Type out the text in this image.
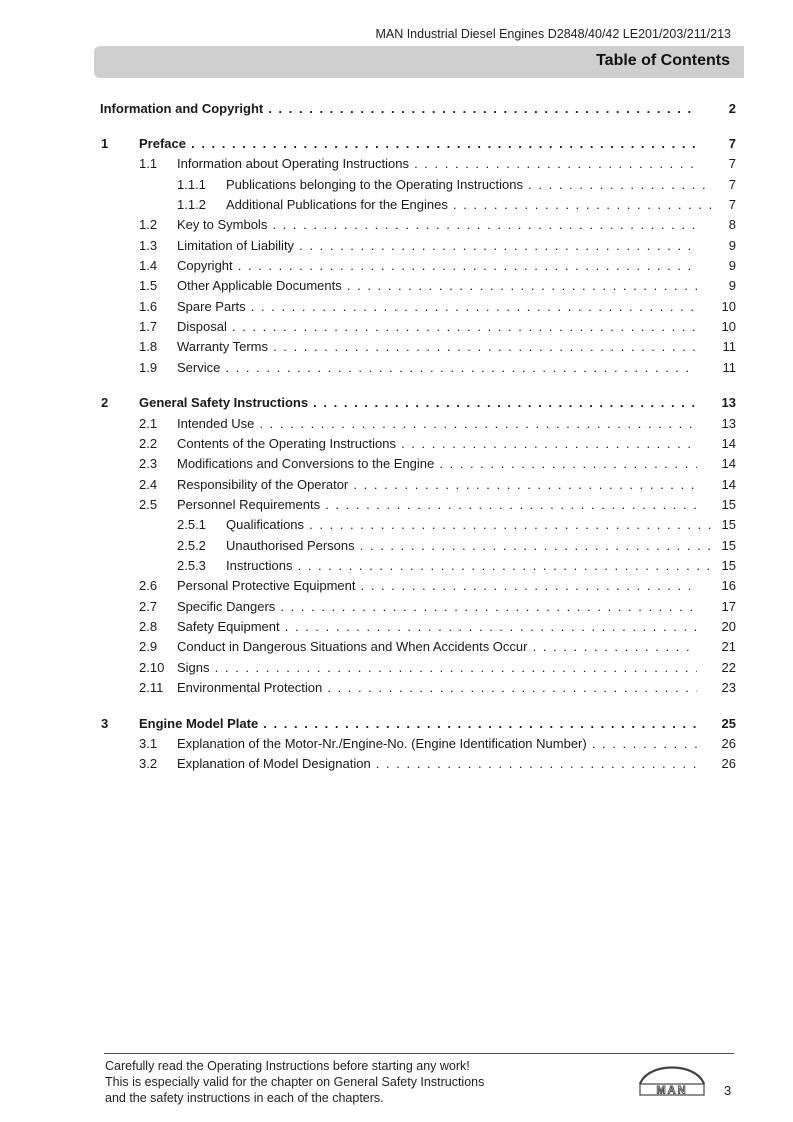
MAN Industrial Diesel Engines D2848/40/42 LE201/203/211/213
Table of Contents
Information and Copyright . . .	2
1 Preface . . .	7
1.1 Information about Operating Instructions . . .	7
1.1.1 Publications belonging to the Operating Instructions . . .	7
1.1.2 Additional Publications for the Engines . . .	7
1.2 Key to Symbols . . .	8
1.3 Limitation of Liability . . .	9
1.4 Copyright . . .	9
1.5 Other Applicable Documents . . .	9
1.6 Spare Parts . . .	10
1.7 Disposal . . .	10
1.8 Warranty Terms . . .	11
1.9 Service . . .	11
2 General Safety Instructions . . .	13
2.1 Intended Use . . .	13
2.2 Contents of the Operating Instructions . . .	14
2.3 Modifications and Conversions to the Engine . . .	14
2.4 Responsibility of the Operator . . .	14
2.5 Personnel Requirements . . .	15
2.5.1 Qualifications . . .	15
2.5.2 Unauthorised Persons . . .	15
2.5.3 Instructions . . .	15
2.6 Personal Protective Equipment . . .	16
2.7 Specific Dangers . . .	17
2.8 Safety Equipment . . .	20
2.9 Conduct in Dangerous Situations and When Accidents Occur . . .	21
2.10 Signs . . .	22
2.11 Environmental Protection . . .	23
3 Engine Model Plate . . .	25
3.1 Explanation of the Motor-Nr./Engine-No. (Engine Identification Number) . . .	26
3.2 Explanation of Model Designation . . .	26
Carefully read the Operating Instructions before starting any work!
This is especially valid for the chapter on General Safety Instructions
and the safety instructions in each of the chapters.
MAN	3
